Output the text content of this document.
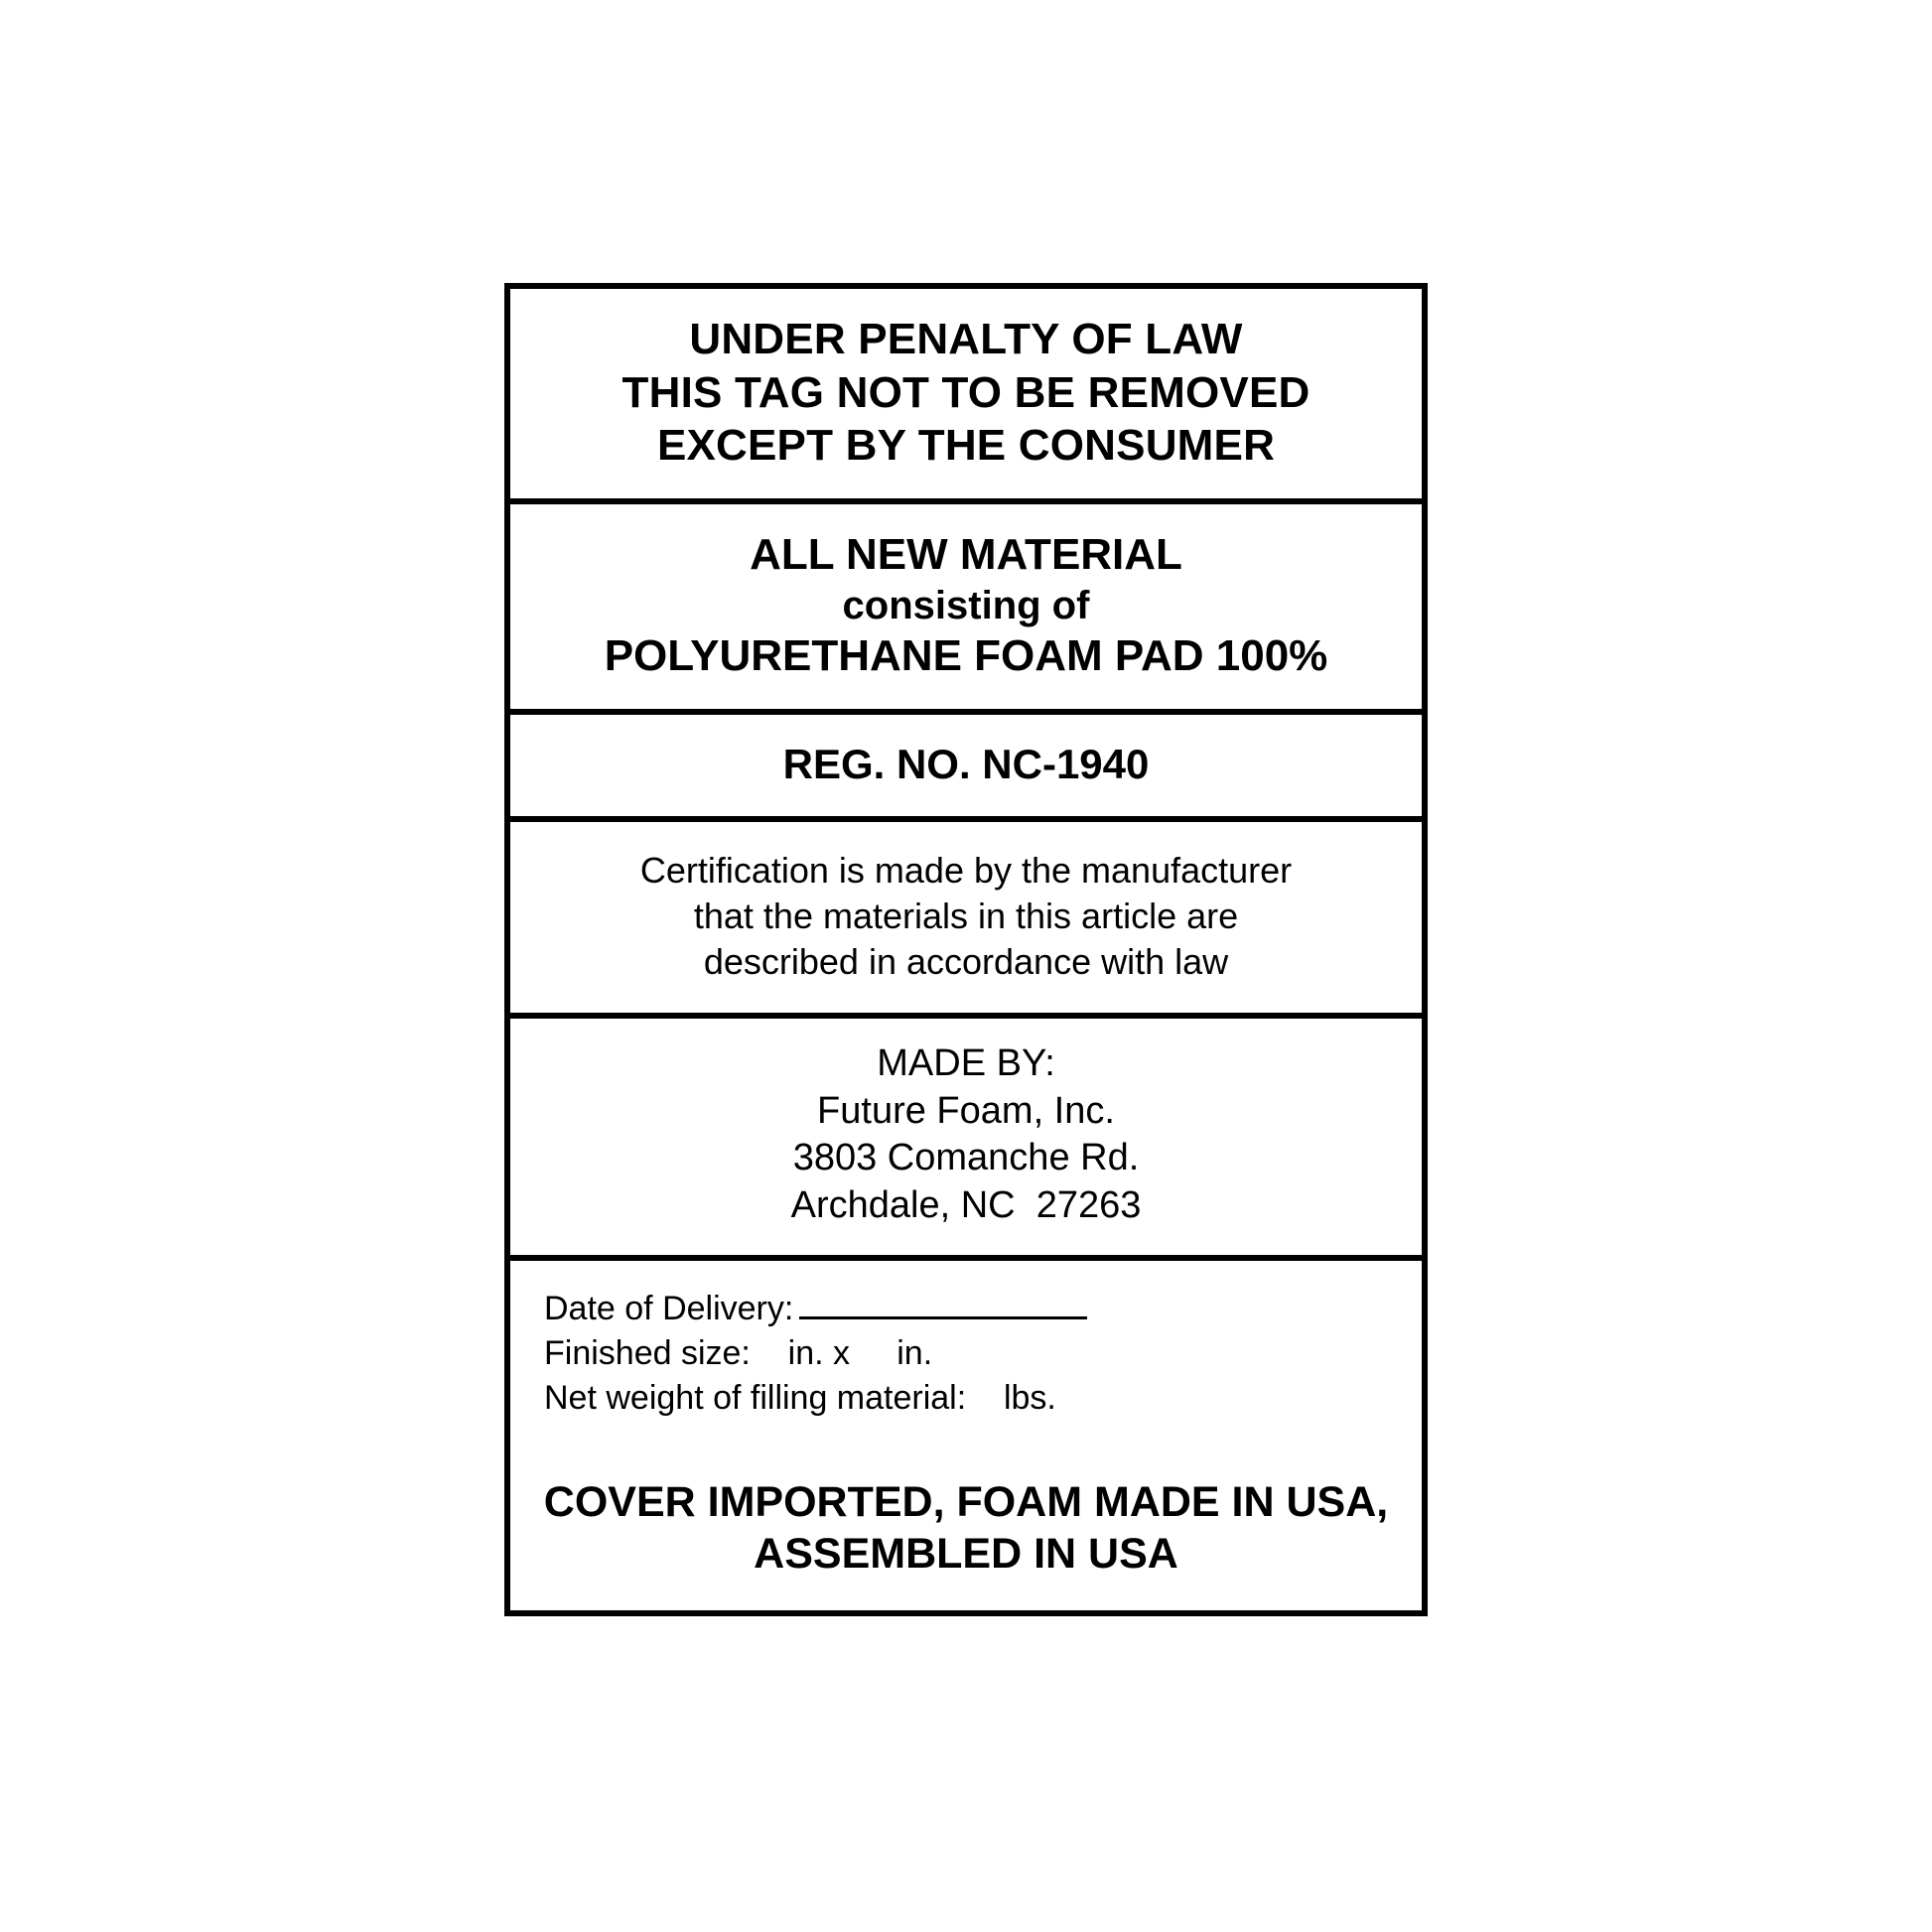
UNDER PENALTY OF LAW
THIS TAG NOT TO BE REMOVED
EXCEPT BY THE CONSUMER
ALL NEW MATERIAL
consisting of
POLYURETHANE FOAM PAD 100%
REG. NO. NC-1940
Certification is made by the manufacturer
that the materials in this article are
described in accordance with law
MADE BY:
Future Foam, Inc.
3803 Comanche Rd.
Archdale, NC  27263
Date of Delivery:
Finished size:    in. x     in.
Net weight of filling material:    lbs.
COVER IMPORTED, FOAM MADE IN USA,
ASSEMBLED IN USA
